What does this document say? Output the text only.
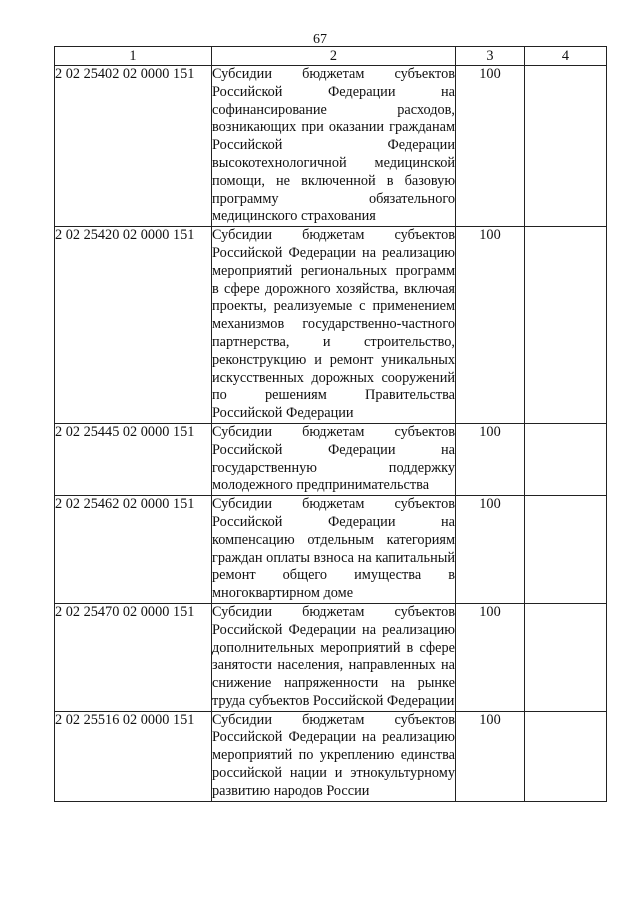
67
1	2	3	4
2 02 25402 02 0000 151	Субсидии бюджетам субъектов Российской Федерации на софинансирование расходов, возникающих при оказании гражданам Российской Федерации высокотехнологичной медицинской помощи, не включенной в базовую программу обязательного медицинского страхования	100	
2 02 25420 02 0000 151	Субсидии бюджетам субъектов Российской Федерации на реализацию мероприятий региональных программ в сфере дорожного хозяйства, включая проекты, реализуемые с применением механизмов государственно-частного партнерства, и строительство, реконструкцию и ремонт уникальных искусственных дорожных сооружений по решениям Правительства Российской Федерации	100	
2 02 25445 02 0000 151	Субсидии бюджетам субъектов Российской Федерации на государственную поддержку молодежного предпринимательства	100	
2 02 25462 02 0000 151	Субсидии бюджетам субъектов Российской Федерации на компенсацию отдельным категориям граждан оплаты взноса на капитальный ремонт общего имущества в многоквартирном доме	100	
2 02 25470 02 0000 151	Субсидии бюджетам субъектов Российской Федерации на реализацию дополнительных мероприятий в сфере занятости населения, направленных на снижение напряженности на рынке труда субъектов Российской Федерации	100	
2 02 25516 02 0000 151	Субсидии бюджетам субъектов Российской Федерации на реализацию мероприятий по укреплению единства российской нации и этнокультурному развитию народов России	100	
